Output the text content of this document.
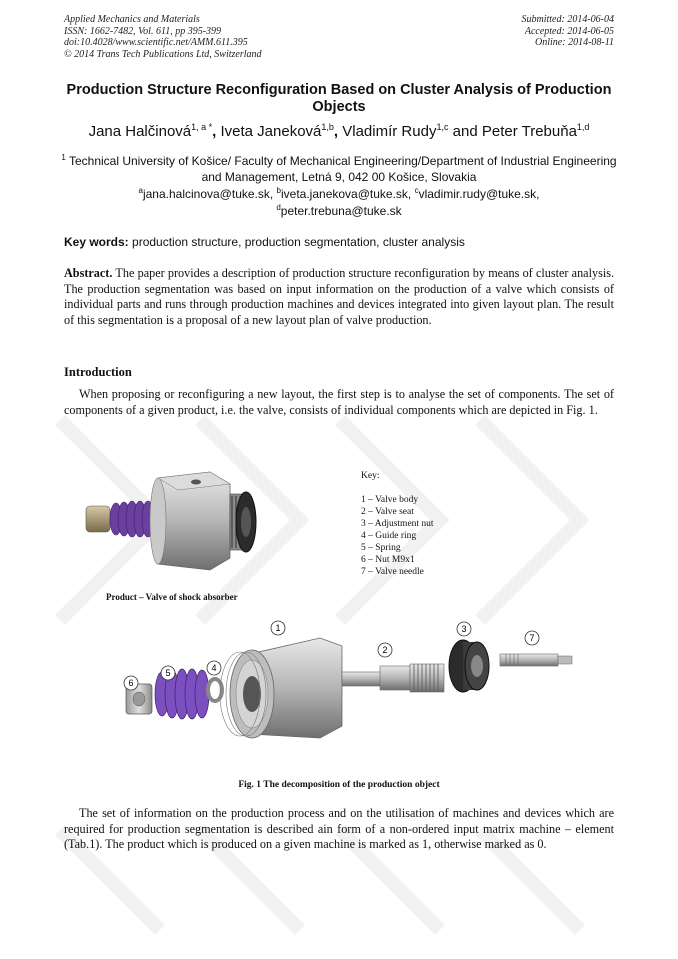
Applied Mechanics and Materials
ISSN: 1662-7482, Vol. 611, pp 395-399
doi:10.4028/www.scientific.net/AMM.611.395
© 2014 Trans Tech Publications Ltd, Switzerland
Submitted: 2014-06-04
Accepted: 2014-06-05
Online: 2014-08-11
Production Structure Reconfiguration Based on Cluster Analysis of Production Objects
Jana Halčinová$^{1, a *}$, Iveta Janeková$^{1,b}$, Vladimír Rudy$^{1,c}$ and Peter Trebuňa$^{1,d}$
$^1$ Technical University of Košice/ Faculty of Mechanical Engineering/Department of Industrial Engineering and Management, Letná 9, 042 00 Košice, Slovakia
$^a$jana.halcinova@tuke.sk, $^b$iveta.janekova@tuke.sk, $^c$vladimir.rudy@tuke.sk,
$^d$peter.trebuna@tuke.sk
Key words: production structure, production segmentation, cluster analysis
Abstract. The paper provides a description of production structure reconfiguration by means of cluster analysis. The production segmentation was based on input information on the production of a valve which consists of individual parts and runs through production machines and devices integrated into given layout plan. The result of this segmentation is a proposal of a new layout plan of valve production.
Introduction
When proposing or reconfiguring a new layout, the first step is to analyse the set of components. The set of components of a given product, i.e. the valve, consists of individual components which are depicted in Fig. 1.
1
2
3
4
5
6
7
Key:
1 – Valve body
2 – Valve seat
3 – Adjustment nut
4 – Guide ring
5 – Spring
6 – Nut M9x1
7 – Valve needle
Product – Valve of shock absorber
Fig. 1 The decomposition of the production object
The set of information on the production process and on the utilisation of machines and devices which are required for production segmentation is described ain form of a non-ordered input matrix machine – element (Tab.1). The product which is produced on a given machine is marked as 1, otherwise marked as 0.
